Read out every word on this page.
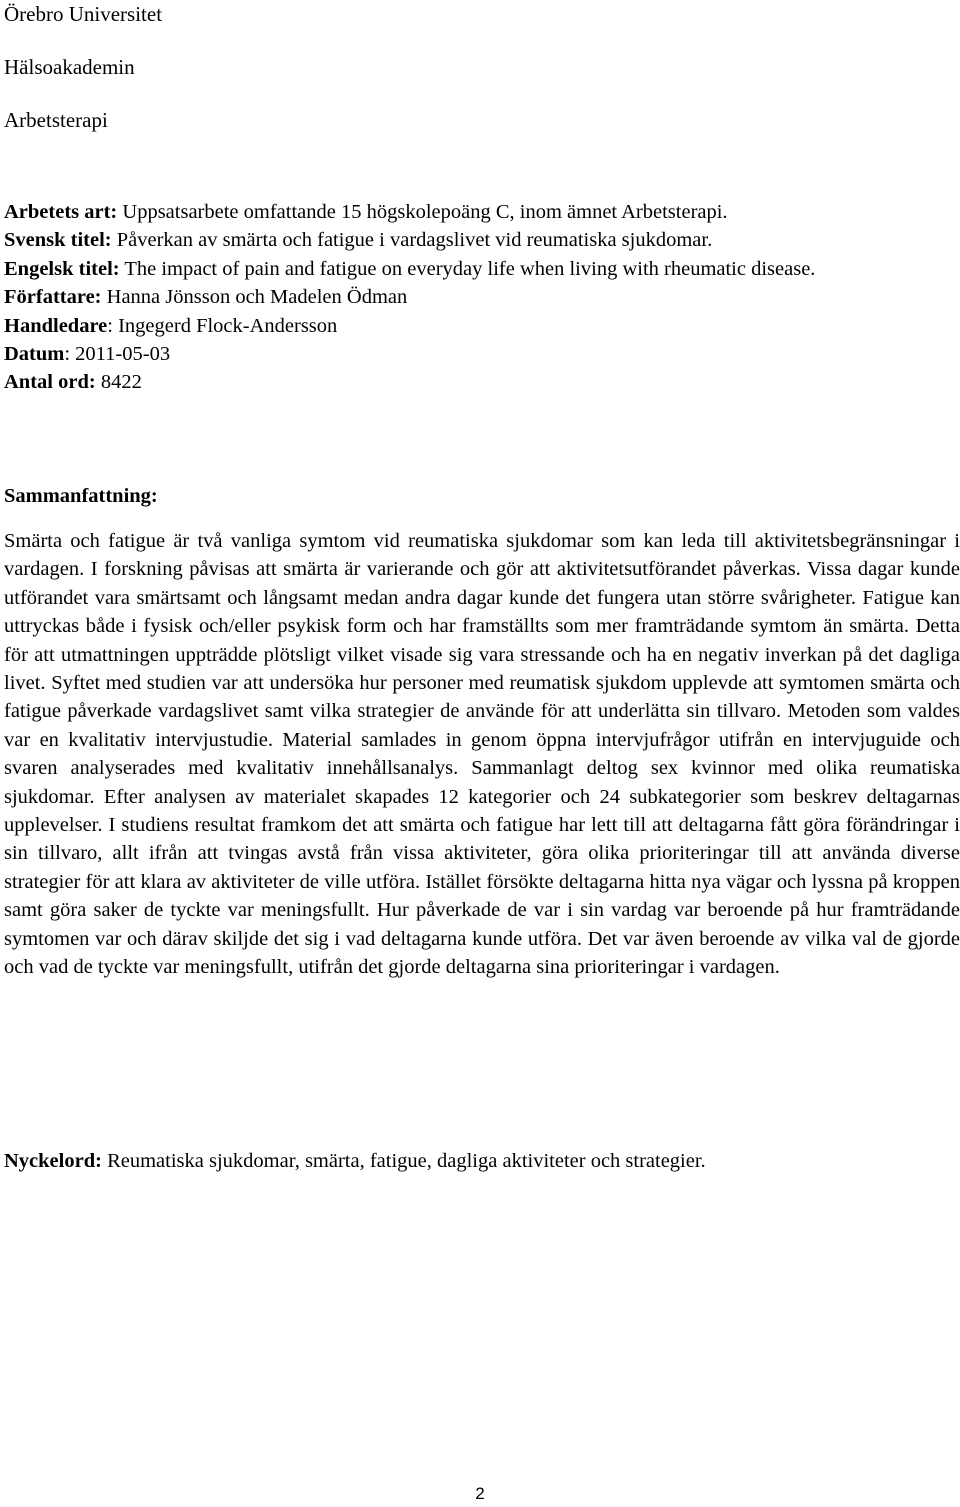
Örebro Universitet

Hälsoakademin

Arbetsterapi

Arbetets art: Uppsatsarbete omfattande 15 högskolepoäng C, inom ämnet Arbetsterapi.

Svensk titel: Påverkan av smärta och fatigue i vardagslivet vid reumatiska sjukdomar.

Engelsk titel: The impact of pain and fatigue on everyday life when living with rheumatic disease.

Författare: Hanna Jönsson och Madelen Ödman

Handledare: Ingegerd Flock-Andersson

Datum: 2011-05-03

Antal ord: 8422

Sammanfattning:

Smärta och fatigue är två vanliga symtom vid reumatiska sjukdomar som kan leda till aktivitetsbegränsningar i vardagen. I forskning påvisas att smärta är varierande och gör att aktivitetsutförandet påverkas. Vissa dagar kunde utförandet vara smärtsamt och långsamt medan andra dagar kunde det fungera utan större svårigheter. Fatigue kan uttryckas både i fysisk och/eller psykisk form och har framställts som mer framträdande symtom än smärta. Detta för att utmattningen uppträdde plötsligt vilket visade sig vara stressande och ha en negativ inverkan på det dagliga livet. Syftet med studien var att undersöka hur personer med reumatisk sjukdom upplevde att symtomen smärta och fatigue påverkade vardagslivet samt vilka strategier de använde för att underlätta sin tillvaro. Metoden som valdes var en kvalitativ intervjustudie. Material samlades in genom öppna intervjufrågor utifrån en intervjuguide och svaren analyserades med kvalitativ innehållsanalys. Sammanlagt deltog sex kvinnor med olika reumatiska sjukdomar. Efter analysen av materialet skapades 12 kategorier och 24 subkategorier som beskrev deltagarnas upplevelser. I studiens resultat framkom det att smärta och fatigue har lett till att deltagarna fått göra förändringar i sin tillvaro, allt ifrån att tvingas avstå från vissa aktiviteter, göra olika prioriteringar till att använda diverse strategier för att klara av aktiviteter de ville utföra. Istället försökte deltagarna hitta nya vägar och lyssna på kroppen samt göra saker de tyckte var meningsfullt. Hur påverkade de var i sin vardag var beroende på hur framträdande symtomen var och därav skiljde det sig i vad deltagarna kunde utföra. Det var även beroende av vilka val de gjorde och vad de tyckte var meningsfullt, utifrån det gjorde deltagarna sina prioriteringar i vardagen.

Nyckelord: Reumatiska sjukdomar, smärta, fatigue, dagliga aktiviteter och strategier.

2
